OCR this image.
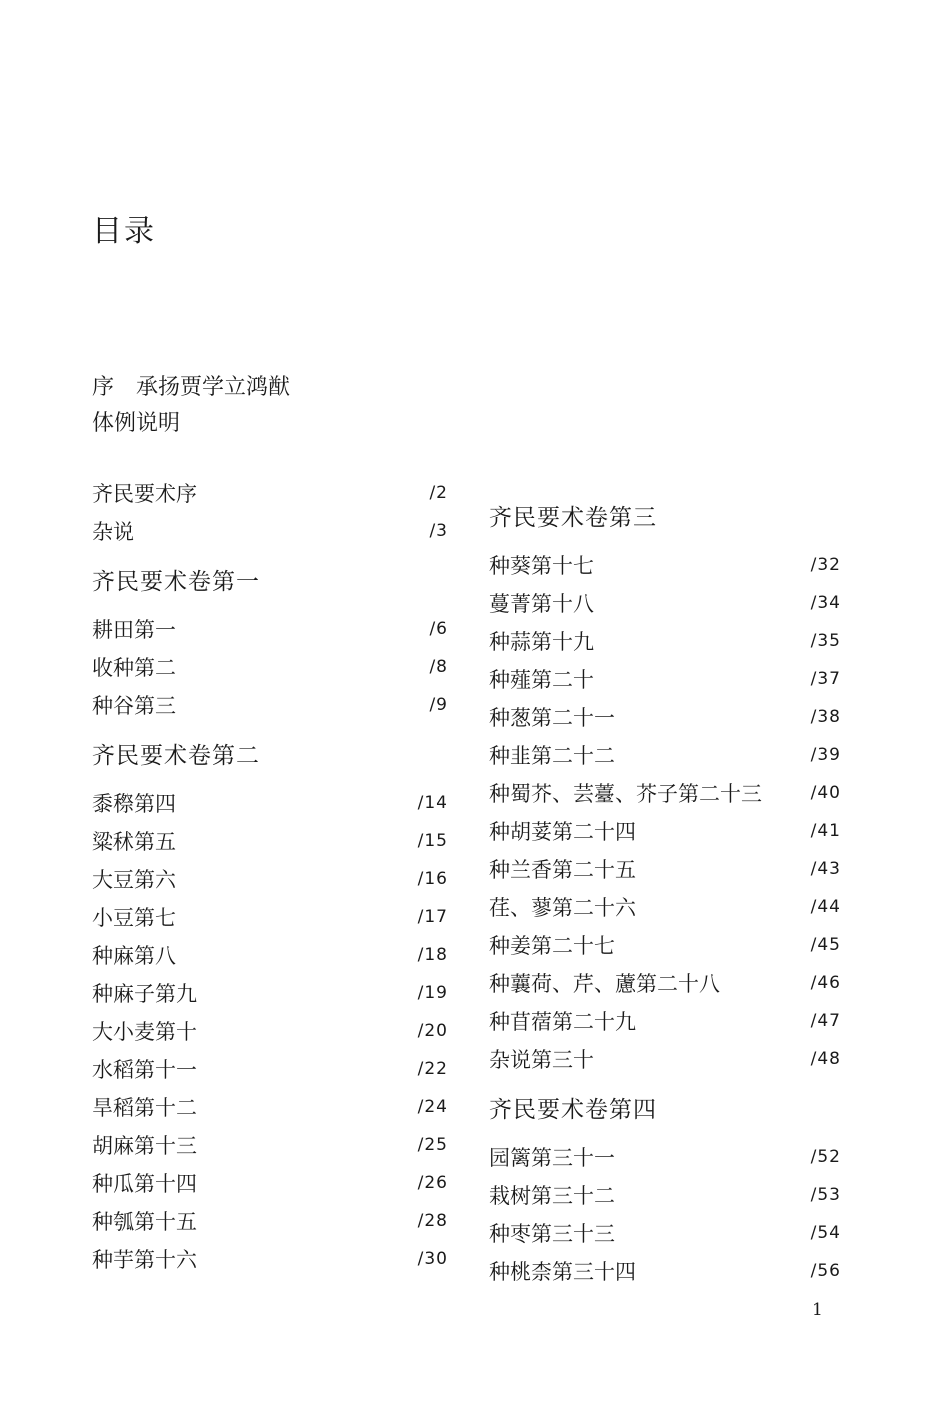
目录
序　承扬贾学立鸿猷
体例说明
齐民要术序	/2
杂说	/3
齐民要术卷第一
耕田第一	/6
收种第二	/8
种谷第三	/9
齐民要术卷第二
黍穄第四	/14
粱秫第五	/15
大豆第六	/16
小豆第七	/17
种麻第八	/18
种麻子第九	/19
大小麦第十	/20
水稻第十一	/22
旱稻第十二	/24
胡麻第十三	/25
种瓜第十四	/26
种瓠第十五	/28
种芋第十六	/30
齐民要术卷第三
种葵第十七	/32
蔓菁第十八	/34
种蒜第十九	/35
种薤第二十	/37
种葱第二十一	/38
种韭第二十二	/39
种蜀芥、芸薹、芥子第二十三	/40
种胡荽第二十四	/41
种兰香第二十五	/43
荏、蓼第二十六	/44
种姜第二十七	/45
种蘘荷、芹、藘第二十八	/46
种苜蓿第二十九	/47
杂说第三十	/48
齐民要术卷第四
园篱第三十一	/52
栽树第三十二	/53
种枣第三十三	/54
种桃柰第三十四	/56
1
